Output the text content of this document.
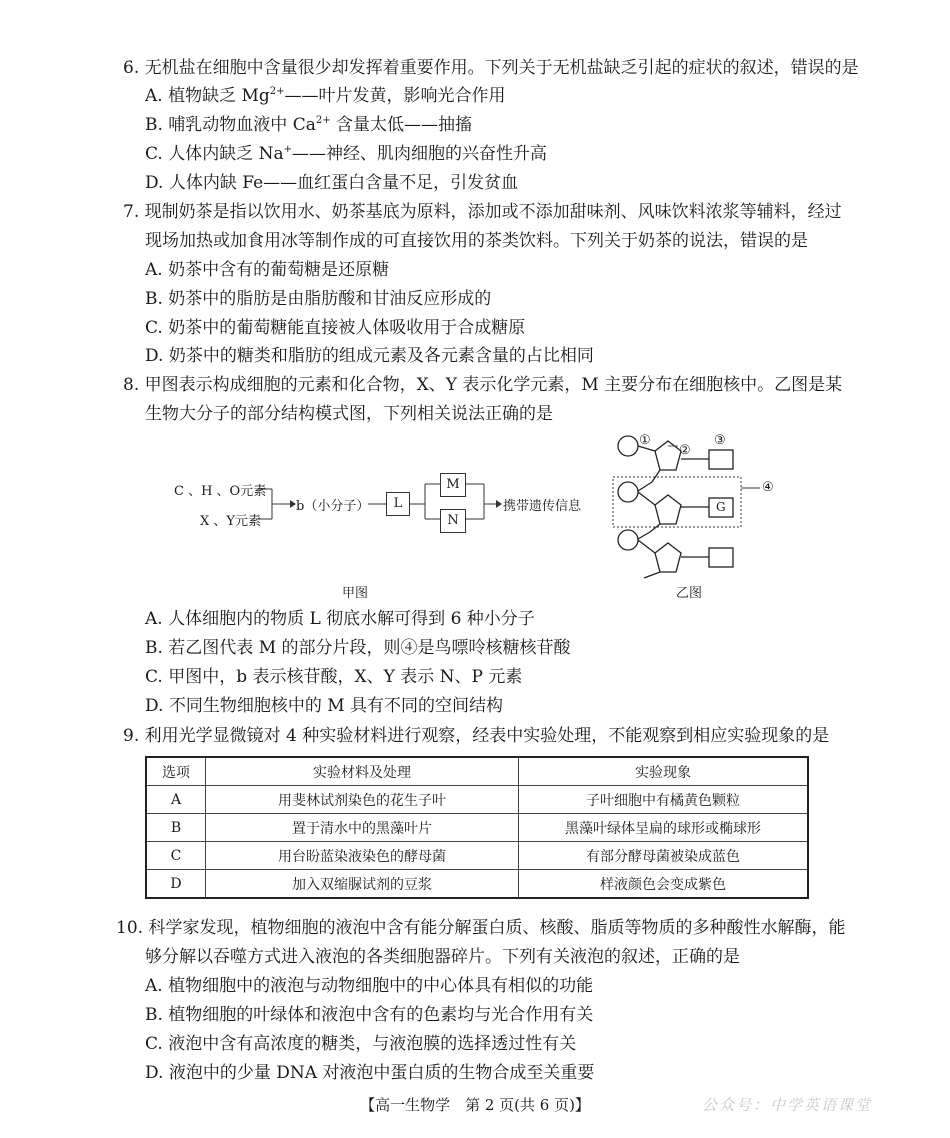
6. 无机盐在细胞中含量很少却发挥着重要作用。下列关于无机盐缺乏引起的症状的叙述，错误的是
A. 植物缺乏 $Mg^{2+}——$叶片发黄，影响光合作用
B. 哺乳动物血液中 $Ca^{2+}$ 含量太低——抽搐
C. 人体内缺乏 Na+——神经、肌肉细胞的兴奋性升高
D. 人体内缺 Fe——血红蛋白含量不足，引发贫血
7. 现制奶茶是指以饮用水、奶茶基底为原料，添加或不添加甜味剂、风味饮料浓浆等辅料，经过
现场加热或加食用冰等制作成的可直接饮用的茶类饮料。下列关于奶茶的说法，错误的是
A. 奶茶中含有的葡萄糖是还原糖
B. 奶茶中的脂肪是由脂肪酸和甘油反应形成的
C. 奶茶中的葡萄糖能直接被人体吸收用于合成糖原
D. 奶茶中的糖类和脂肪的组成元素及各元素含量的占比相同
8. 甲图表示构成细胞的元素和化合物，X、Y 表示化学元素，M 主要分布在细胞核中。乙图是某
生物大分子的部分结构模式图，下列相关说法正确的是
C 、H 、O元素
X 、Y元素
b（小分子）	L
M
N
携带遗传信息
甲图
①
②
③
④
G
乙图
A. 人体细胞内的物质 L 彻底水解可得到 6 种小分子
B. 若乙图代表 M 的部分片段，则④是鸟嘌呤核糖核苷酸
C. 甲图中，b 表示核苷酸，X、Y 表示 N、P 元素
D. 不同生物细胞核中的 M 具有不同的空间结构
9. 利用光学显微镜对 4 种实验材料进行观察，经表中实验处理，不能观察到相应实验现象的是
选项	实验材料及处理	实验现象
A	用斐林试剂染色的花生子叶	子叶细胞中有橘黄色颗粒
B	置于清水中的黑藻叶片	黑藻叶绿体呈扁的球形或椭球形
C	用台盼蓝染液染色的酵母菌	有部分酵母菌被染成蓝色
D	加入双缩脲试剂的豆浆	样液颜色会变成紫色
10. 科学家发现，植物细胞的液泡中含有能分解蛋白质、核酸、脂质等物质的多种酸性水解酶，能
够分解以吞噬方式进入液泡的各类细胞器碎片。下列有关液泡的叙述，正确的是
A. 植物细胞中的液泡与动物细胞中的中心体具有相似的功能
B. 植物细胞的叶绿体和液泡中含有的色素均与光合作用有关
C. 液泡中含有高浓度的糖类，与液泡膜的选择透过性有关
D. 液泡中的少量 DNA 对液泡中蛋白质的生物合成至关重要
【高一生物学　第 2 页(共 6 页)】	公众号：中学英语课堂
